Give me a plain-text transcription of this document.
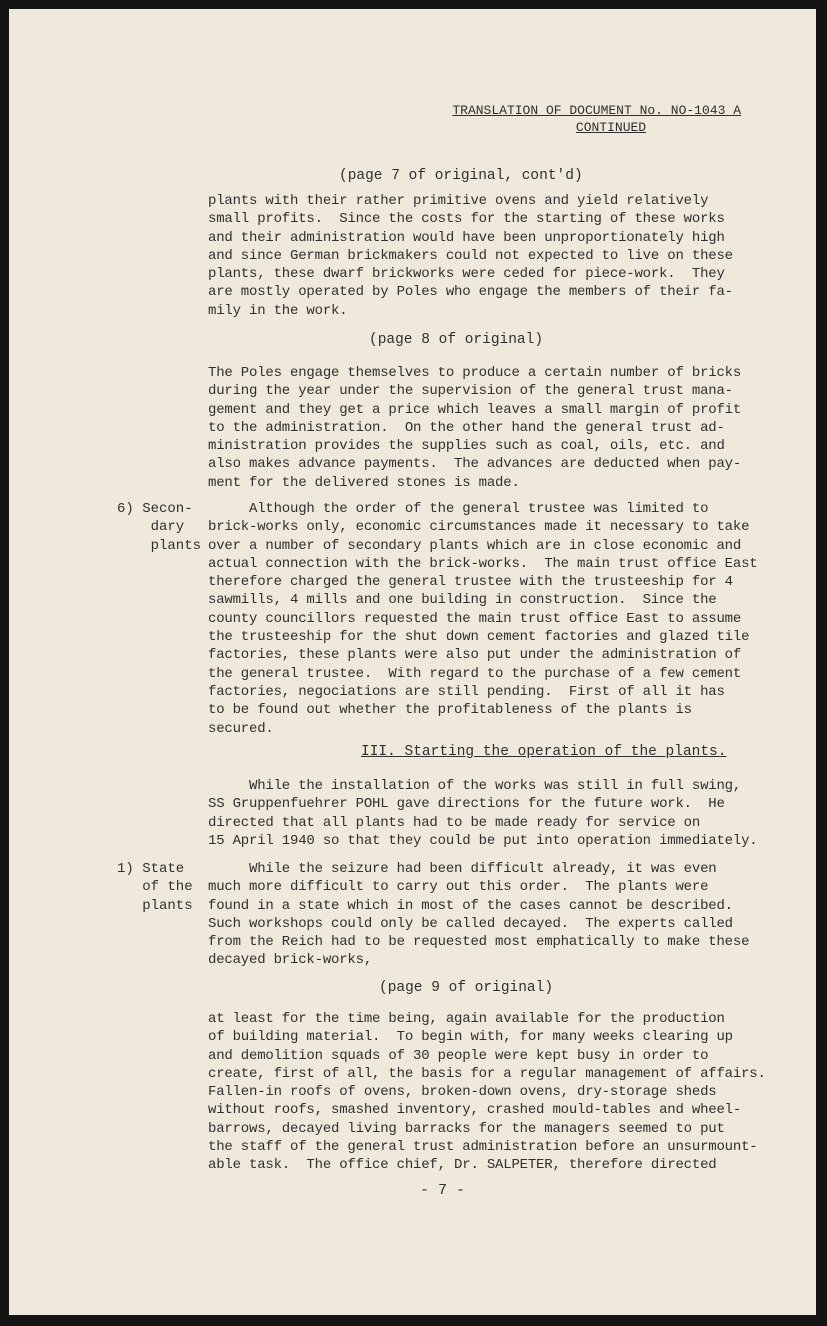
TRANSLATION OF DOCUMENT No. NO-1043 A
CONTINUED
(page 7 of original, cont'd)
plants with their rather primitive ovens and yield relatively
small profits.  Since the costs for the starting of these works
and their administration would have been unproportionately high
and since German brickmakers could not expected to live on these
plants, these dwarf brickworks were ceded for piece-work.  They
are mostly operated by Poles who engage the members of their fa-
mily in the work.
(page 8 of original)
The Poles engage themselves to produce a certain number of bricks
during the year under the supervision of the general trust mana-
gement and they get a price which leaves a small margin of profit
to the administration.  On the other hand the general trust ad-
ministration provides the supplies such as coal, oils, etc. and
also makes advance payments.  The advances are deducted when pay-
ment for the delivered stones is made.
6) Secon-
dary
plants
Although the order of the general trustee was limited to
brick-works only, economic circumstances made it necessary to take
over a number of secondary plants which are in close economic and
actual connection with the brick-works.  The main trust office East
therefore charged the general trustee with the trusteeship for 4
sawmills, 4 mills and one building in construction.  Since the
county councillors requested the main trust office East to assume
the trusteeship for the shut down cement factories and glazed tile
factories, these plants were also put under the administration of
the general trustee.  With regard to the purchase of a few cement
factories, negociations are still pending.  First of all it has
to be found out whether the profitableness of the plants is
secured.
III. Starting the operation of the plants.
While the installation of the works was still in full swing,
SS Gruppenfuehrer POHL gave directions for the future work.  He
directed that all plants had to be made ready for service on
15 April 1940 so that they could be put into operation immediately.
1) State
of the
plants
While the seizure had been difficult already, it was even
much more difficult to carry out this order.  The plants were
found in a state which in most of the cases cannot be described.
Such workshops could only be called decayed.  The experts called
from the Reich had to be requested most emphatically to make these
decayed brick-works,
(page 9 of original)
at least for the time being, again available for the production
of building material.  To begin with, for many weeks clearing up
and demolition squads of 30 people were kept busy in order to
create, first of all, the basis for a regular management of affairs.
Fallen-in roofs of ovens, broken-down ovens, dry-storage sheds
without roofs, smashed inventory, crashed mould-tables and wheel-
barrows, decayed living barracks for the managers seemed to put
the staff of the general trust administration before an unsurmount-
able task.  The office chief, Dr. SALPETER, therefore directed
- 7 -
